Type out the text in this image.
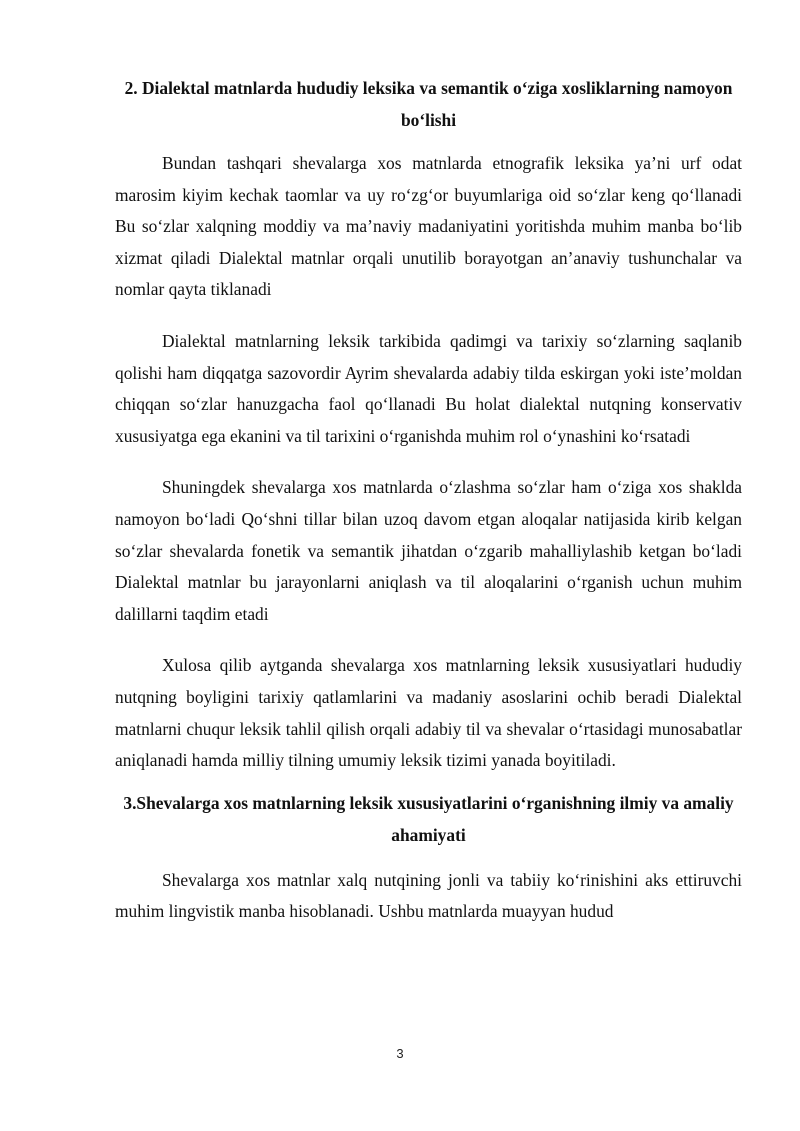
2. Dialektal matnlarda hududiy leksika va semantik o‘ziga xosliklarning namoyon bo‘lishi

Bundan tashqari shevalarga xos matnlarda etnografik leksika ya’ni urf odat marosim kiyim kechak taomlar va uy ro‘zg‘or buyumlariga oid so‘zlar keng qo‘llanadi Bu so‘zlar xalqning moddiy va ma’naviy madaniyatini yoritishda muhim manba bo‘lib xizmat qiladi Dialektal matnlar orqali unutilib borayotgan an’anaviy tushunchalar va nomlar qayta tiklanadi

Dialektal matnlarning leksik tarkibida qadimgi va tarixiy so‘zlarning saqlanib qolishi ham diqqatga sazovordir Ayrim shevalarda adabiy tilda eskirgan yoki iste’moldan chiqqan so‘zlar hanuzgacha faol qo‘llanadi Bu holat dialektal nutqning konservativ xususiyatga ega ekanini va til tarixini o‘rganishda muhim rol o‘ynashini ko‘rsatadi

Shuningdek shevalarga xos matnlarda o‘zlashma so‘zlar ham o‘ziga xos shaklda namoyon bo‘ladi Qo‘shni tillar bilan uzoq davom etgan aloqalar natijasida kirib kelgan so‘zlar shevalarda fonetik va semantik jihatdan o‘zgarib mahalliylashib ketgan bo‘ladi Dialektal matnlar bu jarayonlarni aniqlash va til aloqalarini o‘rganish uchun muhim dalillarni taqdim etadi

Xulosa qilib aytganda shevalarga xos matnlarning leksik xususiyatlari hududiy nutqning boyligini tarixiy qatlamlarini va madaniy asoslarini ochib beradi Dialektal matnlarni chuqur leksik tahlil qilish orqali adabiy til va shevalar o‘rtasidagi munosabatlar aniqlanadi hamda milliy tilning umumiy leksik tizimi yanada boyitiladi.

3.Shevalarga xos matnlarning leksik xususiyatlarini o‘rganishning ilmiy va amaliy ahamiyati

Shevalarga xos matnlar xalq nutqining jonli va tabiiy ko‘rinishini aks ettiruvchi muhim lingvistik manba hisoblanadi. Ushbu matnlarda muayyan hudud

3
